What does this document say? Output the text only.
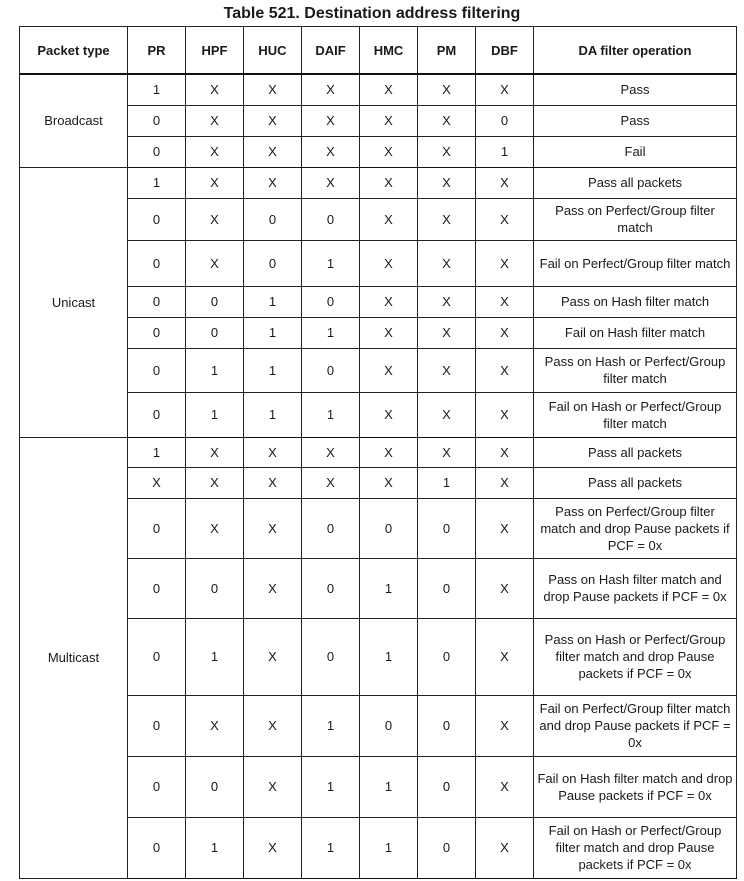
Table 521. Destination address filtering
Packet type	PR	HPF	HUC	DAIF	HMC	PM	DBF	DA filter operation
Broadcast	1	X	X	X	X	X	X	Pass
	0	X	X	X	X	X	0	Pass
	0	X	X	X	X	X	1	Fail
Unicast	1	X	X	X	X	X	X	Pass all packets
	0	X	0	0	X	X	X	Pass on Perfect/Group filter match
	0	X	0	1	X	X	X	Fail on Perfect/Group filter match
	0	0	1	0	X	X	X	Pass on Hash filter match
	0	0	1	1	X	X	X	Fail on Hash filter match
	0	1	1	0	X	X	X	Pass on Hash or Perfect/Group filter match
	0	1	1	1	X	X	X	Fail on Hash or Perfect/Group filter match
Multicast	1	X	X	X	X	X	X	Pass all packets
	X	X	X	X	X	1	X	Pass all packets
	0	X	X	0	0	0	X	Pass on Perfect/Group filter match and drop Pause packets if PCF = 0x
	0	0	X	0	1	0	X	Pass on Hash filter match and drop Pause packets if PCF = 0x
	0	1	X	0	1	0	X	Pass on Hash or Perfect/Group filter match and drop Pause packets if PCF = 0x
	0	X	X	1	0	0	X	Fail on Perfect/Group filter match and drop Pause packets if PCF = 0x
	0	0	X	1	1	0	X	Fail on Hash filter match and drop Pause packets if PCF = 0x
	0	1	X	1	1	0	X	Fail on Hash or Perfect/Group filter match and drop Pause packets if PCF = 0x
